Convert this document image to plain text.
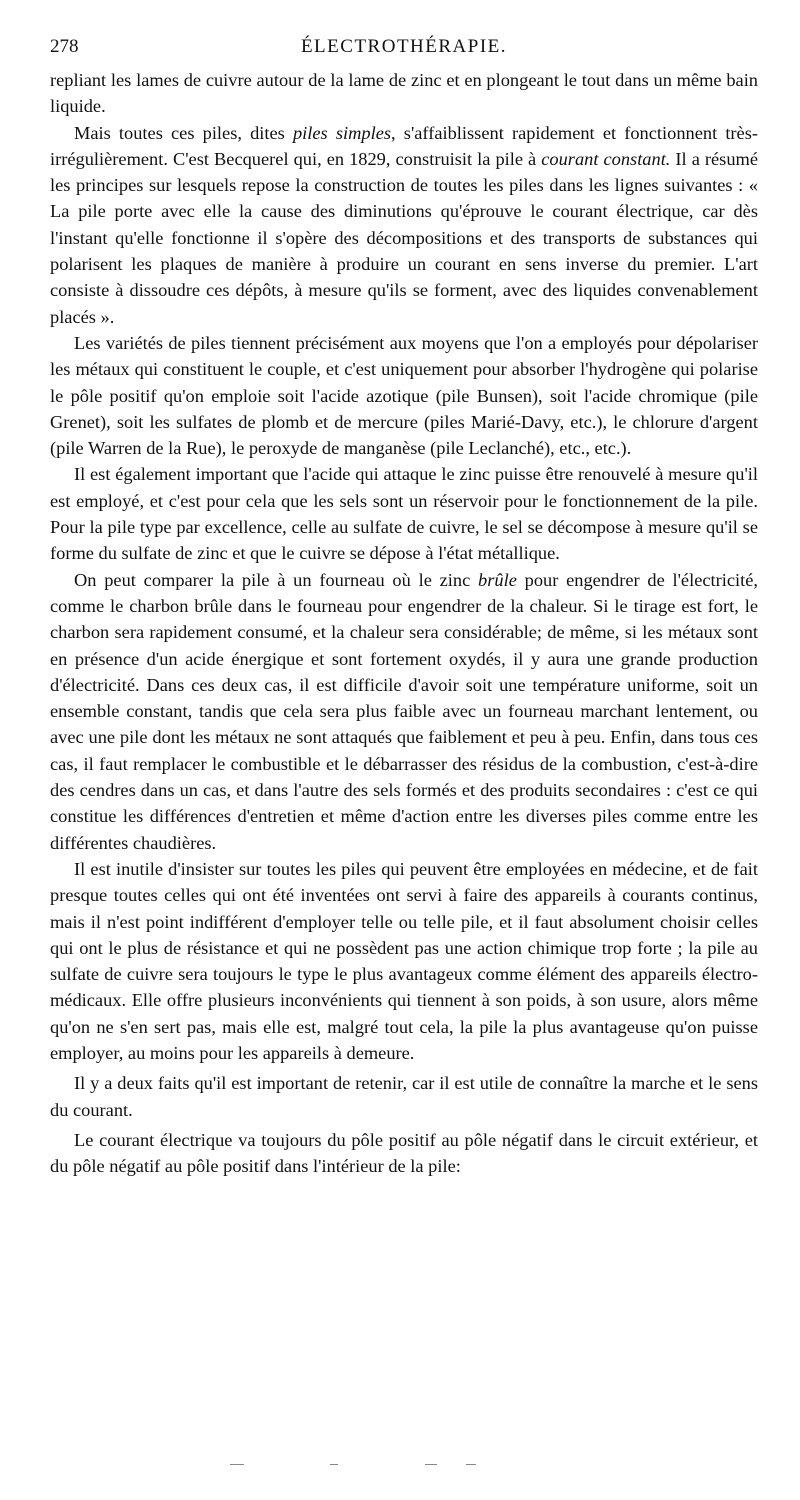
278	ÉLECTROTHÉRAPIE.

repliant les lames de cuivre autour de la lame de zinc et en plongeant le tout dans un même bain liquide.

Mais toutes ces piles, dites piles simples, s'affaiblissent rapidement et fonctionnent très-irrégulièrement. C'est Becquerel qui, en 1829, construisit la pile à courant constant. Il a résumé les principes sur lesquels repose la construction de toutes les piles dans les lignes suivantes : « La pile porte avec elle la cause des diminutions qu'éprouve le courant électrique, car dès l'instant qu'elle fonctionne il s'opère des décompositions et des transports de substances qui polarisent les plaques de manière à produire un courant en sens inverse du premier. L'art consiste à dissoudre ces dépôts, à mesure qu'ils se forment, avec des liquides convenablement placés ».

Les variétés de piles tiennent précisément aux moyens que l'on a employés pour dépolariser les métaux qui constituent le couple, et c'est uniquement pour absorber l'hydrogène qui polarise le pôle positif qu'on emploie soit l'acide azotique (pile Bunsen), soit l'acide chromique (pile Grenet), soit les sulfates de plomb et de mercure (piles Marié-Davy, etc.), le chlorure d'argent (pile Warren de la Rue), le peroxyde de manganèse (pile Leclanché), etc., etc.).

Il est également important que l'acide qui attaque le zinc puisse être renouvelé à mesure qu'il est employé, et c'est pour cela que les sels sont un réservoir pour le fonctionnement de la pile. Pour la pile type par excellence, celle au sulfate de cuivre, le sel se décompose à mesure qu'il se forme du sulfate de zinc et que le cuivre se dépose à l'état métallique.

On peut comparer la pile à un fourneau où le zinc brûle pour engendrer de l'électricité, comme le charbon brûle dans le fourneau pour engendrer de la chaleur. Si le tirage est fort, le charbon sera rapidement consumé, et la chaleur sera considérable; de même, si les métaux sont en présence d'un acide énergique et sont fortement oxydés, il y aura une grande production d'électricité. Dans ces deux cas, il est difficile d'avoir soit une température uniforme, soit un ensemble constant, tandis que cela sera plus faible avec un fourneau marchant lentement, ou avec une pile dont les métaux ne sont attaqués que faiblement et peu à peu. Enfin, dans tous ces cas, il faut remplacer le combustible et le débarrasser des résidus de la combustion, c'est-à-dire des cendres dans un cas, et dans l'autre des sels formés et des produits secondaires : c'est ce qui constitue les différences d'entretien et même d'action entre les diverses piles comme entre les différentes chaudières.

Il est inutile d'insister sur toutes les piles qui peuvent être employées en médecine, et de fait presque toutes celles qui ont été inventées ont servi à faire des appareils à courants continus, mais il n'est point indifférent d'employer telle ou telle pile, et il faut absolument choisir celles qui ont le plus de résistance et qui ne possèdent pas une action chimique trop forte ; la pile au sulfate de cuivre sera toujours le type le plus avantageux comme élément des appareils électro-médicaux. Elle offre plusieurs inconvénients qui tiennent à son poids, à son usure, alors même qu'on ne s'en sert pas, mais elle est, malgré tout cela, la pile la plus avantageuse qu'on puisse employer, au moins pour les appareils à demeure.

Il y a deux faits qu'il est important de retenir, car il est utile de connaître la marche et le sens du courant.

Le courant électrique va toujours du pôle positif au pôle négatif dans le circuit extérieur, et du pôle négatif au pôle positif dans l'intérieur de la pile:
